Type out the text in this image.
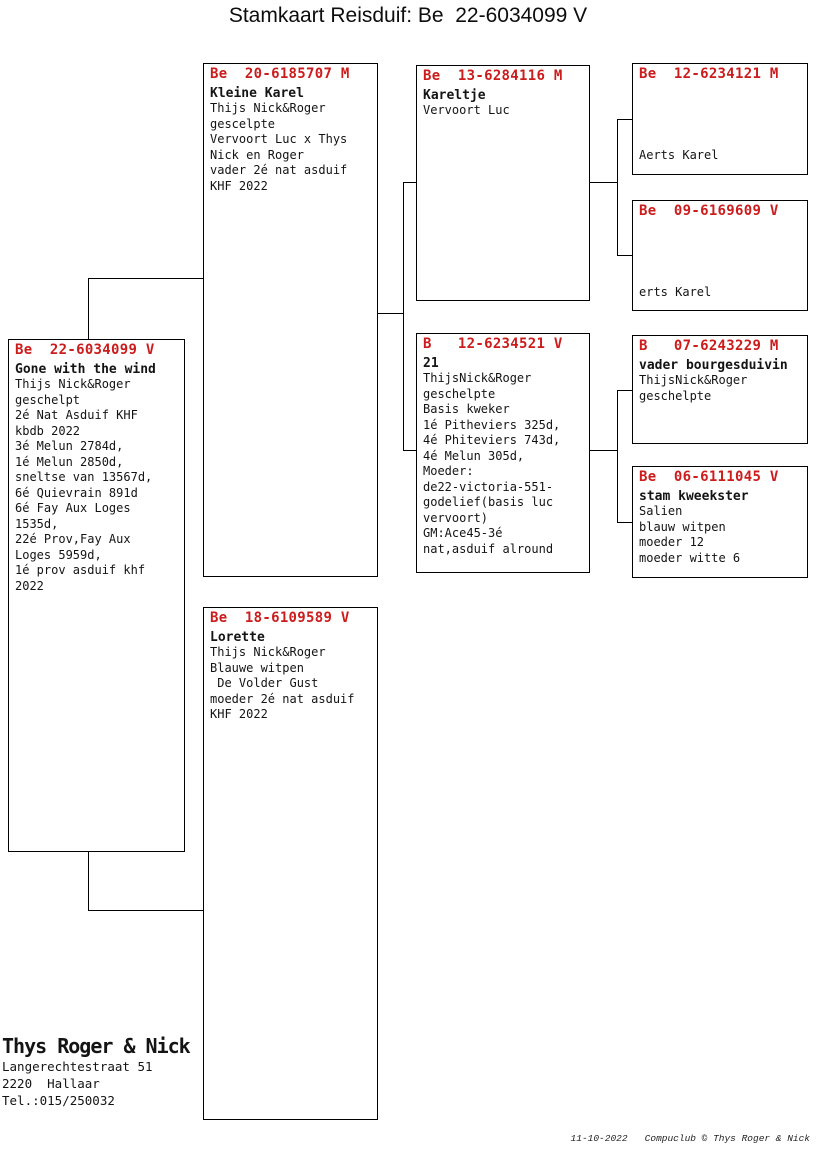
Stamkaart Reisduif: Be  22-6034099 V
Be  22-6034099 V
Gone with the wind
Thijs Nick&Roger
geschelpt
2é Nat Asduif KHF
kbdb 2022
3é Melun 2784d,
1é Melun 2850d,
sneltse van 13567d,
6é Quievrain 891d
6é Fay Aux Loges
1535d,
22é Prov,Fay Aux
Loges 5959d,
1é prov asduif khf
2022
Be  20-6185707 M
Kleine Karel
Thijs Nick&Roger
gescelpte
Vervoort Luc x Thys
Nick en Roger
vader 2é nat asduif
KHF 2022
Be  18-6109589 V
Lorette
Thijs Nick&Roger
Blauwe witpen
De Volder Gust
moeder 2é nat asduif
KHF 2022
Be  13-6284116 M
Kareltje
Vervoort Luc
B   12-6234521 V
21
ThijsNick&Roger
geschelpte
Basis kweker
1é Pitheviers 325d,
4é Phiteviers 743d,
4é Melun 305d,
Moeder:
de22-victoria-551-
godelief(basis luc
vervoort)
GM:Ace45-3é
nat,asduif alround
Be  12-6234121 M
Aerts Karel
Be  09-6169609 V
erts Karel
B   07-6243229 M
vader bourgesduivin
ThijsNick&Roger
geschelpte
Be  06-6111045 V
stam kweekster
Salien
blauw witpen
moeder 12
moeder witte 6
Thys Roger & Nick
Langerechtestraat 51
2220  Hallaar
Tel.:015/250032
11-10-2022 Compuclub © Thys Roger & Nick
